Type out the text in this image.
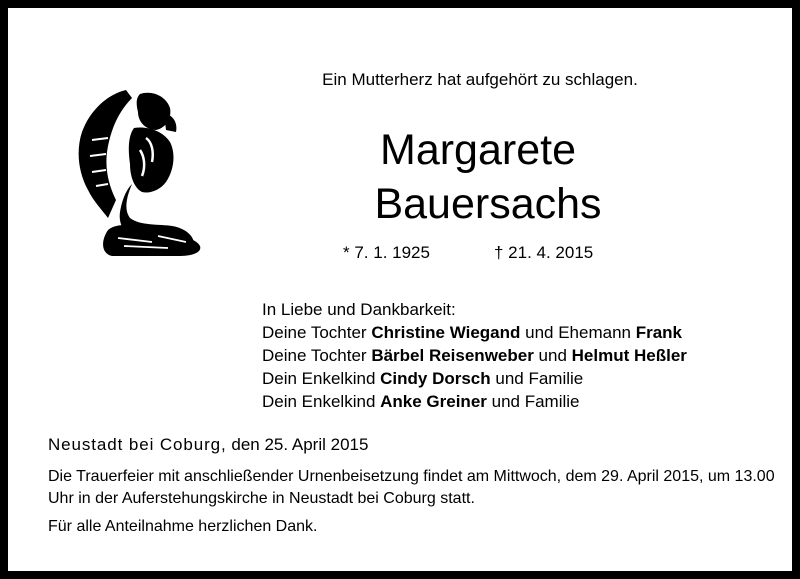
Ein Mutterherz hat aufgehört zu schlagen.
Margarete
Bauersachs
* 7. 1. 1925	† 21. 4. 2015
In Liebe und Dankbarkeit:
Deine Tochter Christine Wiegand und Ehemann Frank
Deine Tochter Bärbel Reisenweber und Helmut Heßler
Dein Enkelkind Cindy Dorsch und Familie
Dein Enkelkind Anke Greiner und Familie
Neustadt bei Coburg, den 25. April 2015
Die Trauerfeier mit anschließender Urnenbeisetzung findet am Mittwoch, dem 29. April 2015, um 13.00 Uhr in der Auferstehungskirche in Neustadt bei Coburg statt.
Für alle Anteilnahme herzlichen Dank.
